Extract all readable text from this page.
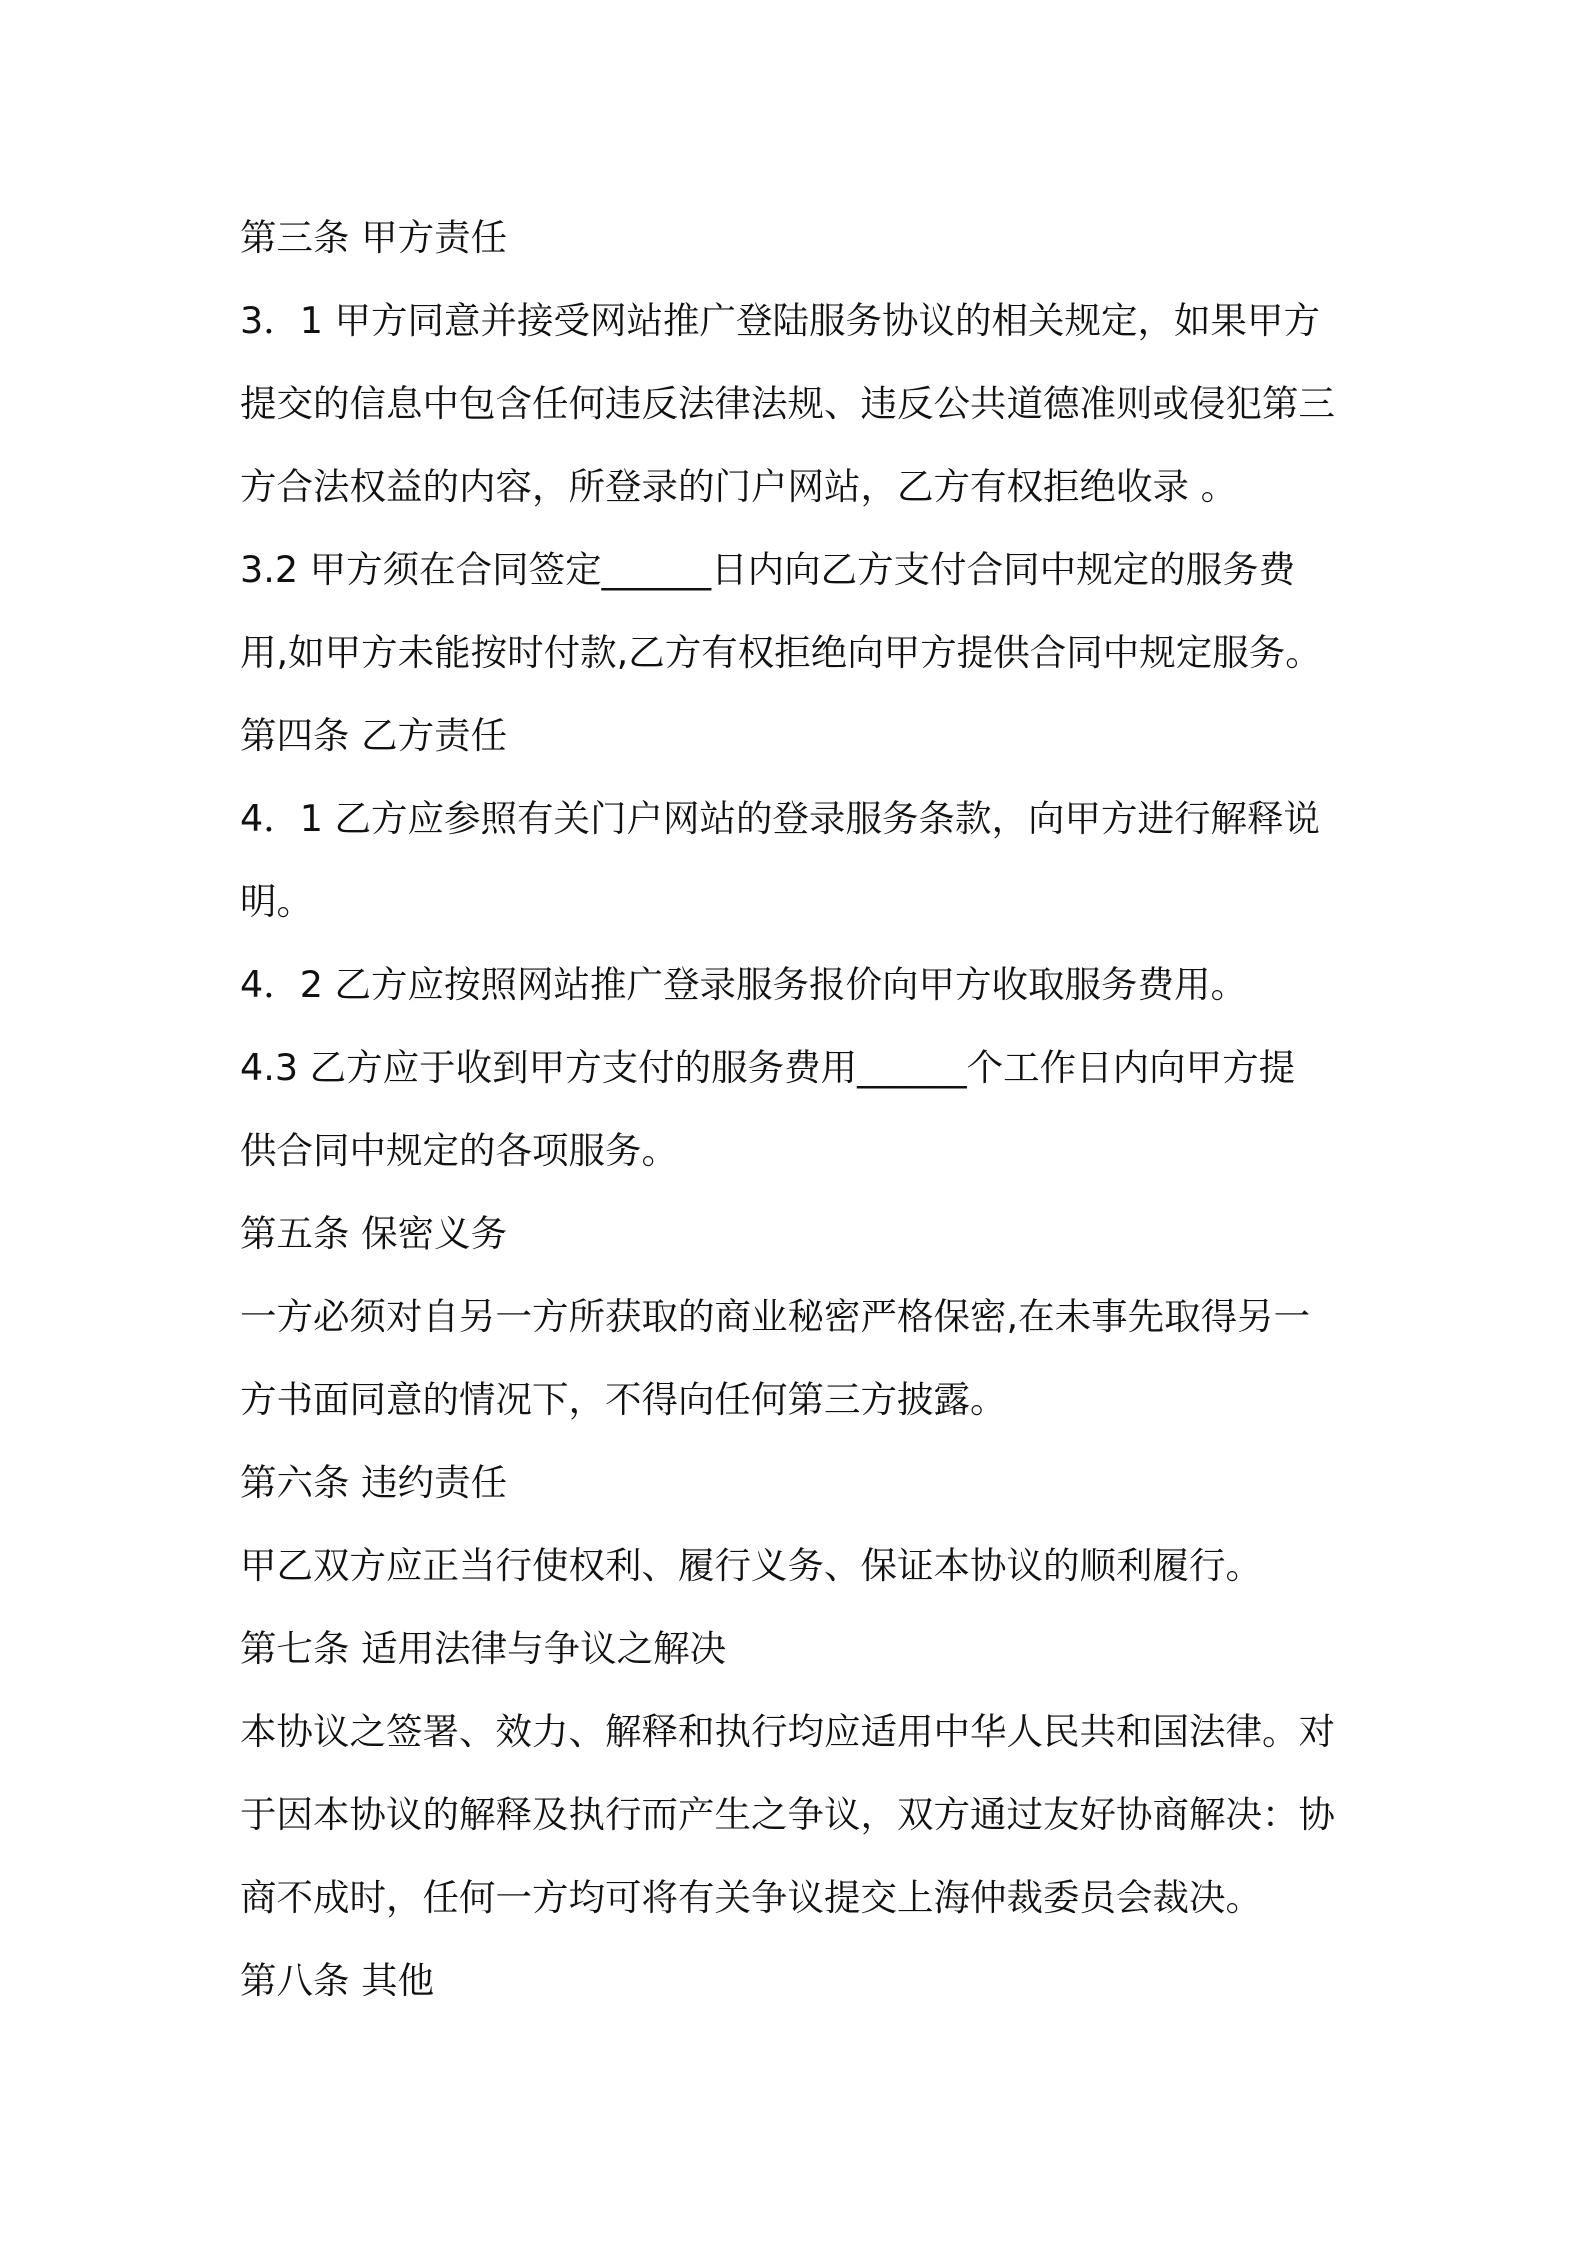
第三条 甲方责任
3．1 甲方同意并接受网站推广登陆服务协议的相关规定，如果甲方
提交的信息中包含任何违反法律法规、违反公共道德准则或侵犯第三
方合法权益的内容，所登录的门户网站，乙方有权拒绝收录 。
3.2 甲方须在合同签定______日内向乙方支付合同中规定的服务费
用,如甲方未能按时付款,乙方有权拒绝向甲方提供合同中规定服务。
第四条 乙方责任
4．1 乙方应参照有关门户网站的登录服务条款，向甲方进行解释说
明。
4．2 乙方应按照网站推广登录服务报价向甲方收取服务费用。
4.3 乙方应于收到甲方支付的服务费用______个工作日内向甲方提
供合同中规定的各项服务。
第五条 保密义务
一方必须对自另一方所获取的商业秘密严格保密,在未事先取得另一
方书面同意的情况下，不得向任何第三方披露。
第六条 违约责任
甲乙双方应正当行使权利、履行义务、保证本协议的顺利履行。
第七条 适用法律与争议之解决
本协议之签署、效力、解释和执行均应适用中华人民共和国法律。对
于因本协议的解释及执行而产生之争议，双方通过友好协商解决：协
商不成时，任何一方均可将有关争议提交上海仲裁委员会裁决。
第八条 其他
